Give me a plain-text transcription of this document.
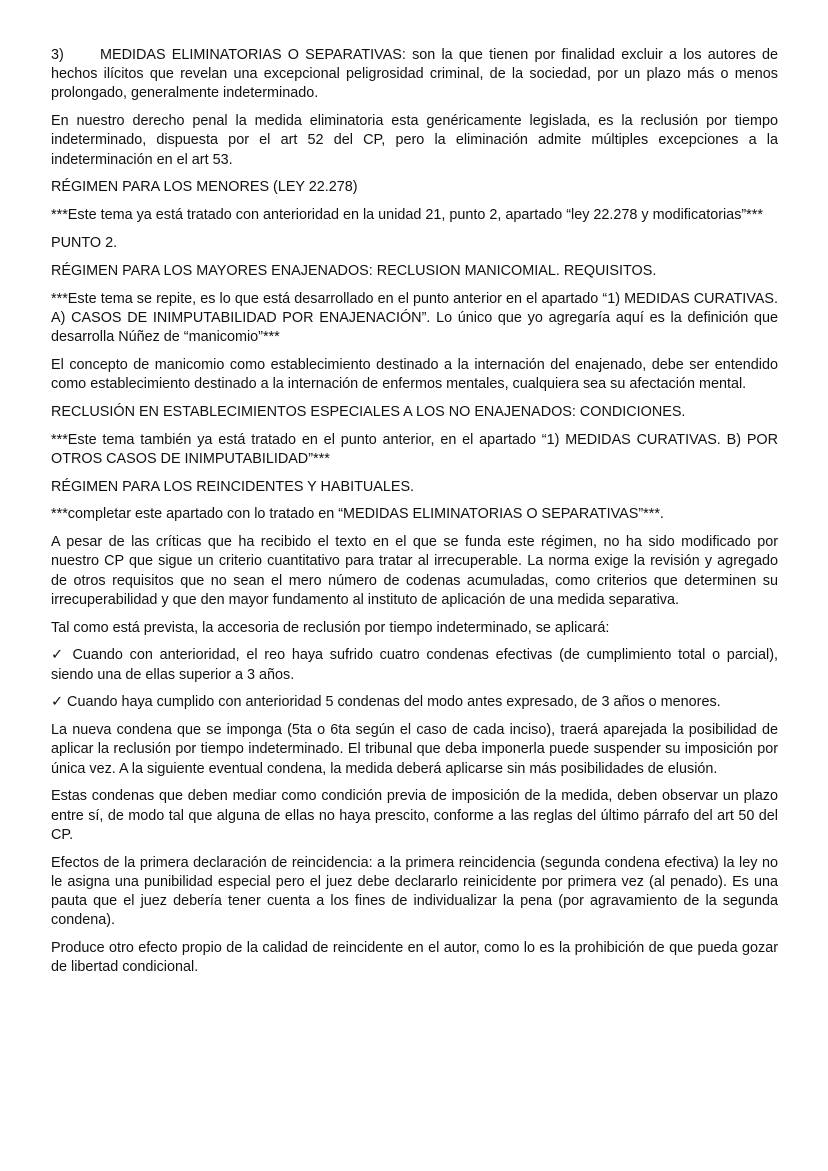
3)	MEDIDAS ELIMINATORIAS O SEPARATIVAS: son la que tienen por finalidad excluir a los autores de hechos ilícitos que revelan una excepcional peligrosidad criminal, de la sociedad, por un plazo más o menos prolongado, generalmente indeterminado.

En nuestro derecho penal la medida eliminatoria esta genéricamente legislada, es la reclusión por tiempo indeterminado, dispuesta por el art 52 del CP, pero la eliminación admite múltiples excepciones a la indeterminación en el art 53.

RÉGIMEN PARA LOS MENORES (LEY 22.278)

***Este tema ya está tratado con anterioridad en la unidad 21, punto 2, apartado “ley 22.278 y modificatorias”***

PUNTO 2.

RÉGIMEN PARA LOS MAYORES ENAJENADOS: RECLUSION MANICOMIAL. REQUISITOS.

***Este tema se repite, es lo que está desarrollado en el punto anterior en el apartado “1) MEDIDAS CURATIVAS. A) CASOS DE INIMPUTABILIDAD POR ENAJENACIÓN”. Lo único que yo agregaría aquí es la definición que desarrolla Núñez de “manicomio”***

El concepto de manicomio como establecimiento destinado a la internación del enajenado, debe ser entendido como establecimiento destinado a la internación de enfermos mentales, cualquiera sea su afectación mental.

RECLUSIÓN EN ESTABLECIMIENTOS ESPECIALES A LOS NO ENAJENADOS: CONDICIONES.

***Este tema también ya está tratado en el punto anterior, en el apartado “1) MEDIDAS CURATIVAS. B) POR OTROS CASOS DE INIMPUTABILIDAD”***

RÉGIMEN PARA LOS REINCIDENTES Y HABITUALES.

***completar este apartado con lo tratado en “MEDIDAS ELIMINATORIAS O SEPARATIVAS”***.

A pesar de las críticas que ha recibido el texto en el que se funda este régimen, no ha sido modificado por nuestro CP que sigue un criterio cuantitativo para tratar al irrecuperable. La norma exige la revisión y agregado de otros requisitos que no sean el mero número de codenas acumuladas, como criterios que determinen su irrecuperabilidad y que den mayor fundamento al instituto de aplicación de una medida separativa.

Tal como está prevista, la accesoria de reclusión por tiempo indeterminado, se aplicará:

✓ Cuando con anterioridad, el reo haya sufrido cuatro condenas efectivas (de cumplimiento total o parcial), siendo una de ellas superior a 3 años.

✓ Cuando haya cumplido con anterioridad 5 condenas del modo antes expresado, de 3 años o menores.

La nueva condena que se imponga (5ta o 6ta según el caso de cada inciso), traerá aparejada la posibilidad de aplicar la reclusión por tiempo indeterminado. El tribunal que deba imponerla puede suspender su imposición por única vez. A la siguiente eventual condena, la medida deberá aplicarse sin más posibilidades de elusión.

Estas condenas que deben mediar como condición previa de imposición de la medida, deben observar un plazo entre sí, de modo tal que alguna de ellas no haya prescito, conforme a las reglas del último párrafo del art 50 del CP.

Efectos de la primera declaración de reincidencia: a la primera reincidencia (segunda condena efectiva) la ley no le asigna una punibilidad especial pero el juez debe declararlo reinicidente por primera vez (al penado). Es una pauta que el juez debería tener cuenta a los fines de individualizar la pena (por agravamiento de la segunda condena).

Produce otro efecto propio de la calidad de reincidente en el autor, como lo es la prohibición de que pueda gozar de libertad condicional.
